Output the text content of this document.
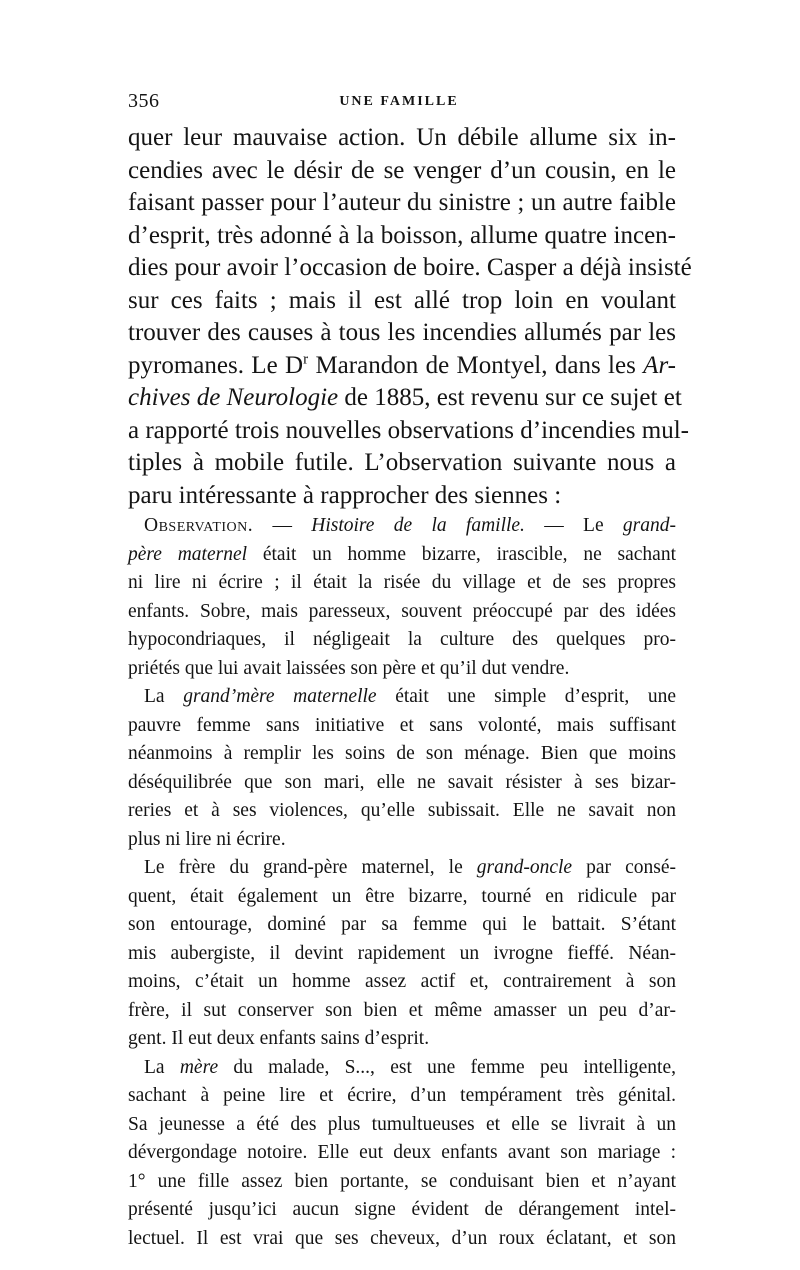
356	UNE FAMILLE
quer leur mauvaise action. Un débile allume six in-
cendies avec le désir de se venger d’un cousin, en le
faisant passer pour l’auteur du sinistre ; un autre faible
d’esprit, très adonné à la boisson, allume quatre incen-
dies pour avoir l’occasion de boire. Casper a déjà insisté
sur ces faits ; mais il est allé trop loin en voulant
trouver des causes à tous les incendies allumés par les
pyromanes. Le $D^r$ Marandon de Montyel, dans les Ar-
chives de Neurologie de 1885, est revenu sur ce sujet et
a rapporté trois nouvelles observations d’incendies mul-
tiples à mobile futile. L’observation suivante nous a
paru intéressante à rapprocher des siennes :
Observation. — Histoire de la famille. — Le grand-
père maternel était un homme bizarre, irascible, ne sachant
ni lire ni écrire ; il était la risée du village et de ses propres
enfants. Sobre, mais paresseux, souvent préoccupé par des idées
hypocondriaques, il négligeait la culture des quelques pro-
priétés que lui avait laissées son père et qu’il dut vendre.
La grand’mère maternelle était une simple d’esprit, une
pauvre femme sans initiative et sans volonté, mais suffisant
néanmoins à remplir les soins de son ménage. Bien que moins
déséquilibrée que son mari, elle ne savait résister à ses bizar-
reries et à ses violences, qu’elle subissait. Elle ne savait non
plus ni lire ni écrire.
Le frère du grand-père maternel, le grand-oncle par consé-
quent, était également un être bizarre, tourné en ridicule par
son entourage, dominé par sa femme qui le battait. S’étant
mis aubergiste, il devint rapidement un ivrogne fieffé. Néan-
moins, c’était un homme assez actif et, contrairement à son
frère, il sut conserver son bien et même amasser un peu d’ar-
gent. Il eut deux enfants sains d’esprit.
La mère du malade, S..., est une femme peu intelligente,
sachant à peine lire et écrire, d’un tempérament très génital.
Sa jeunesse a été des plus tumultueuses et elle se livrait à un
dévergondage notoire. Elle eut deux enfants avant son mariage :
1° une fille assez bien portante, se conduisant bien et n’ayant
présenté jusqu’ici aucun signe évident de dérangement intel-
lectuel. Il est vrai que ses cheveux, d’un roux éclatant, et son
